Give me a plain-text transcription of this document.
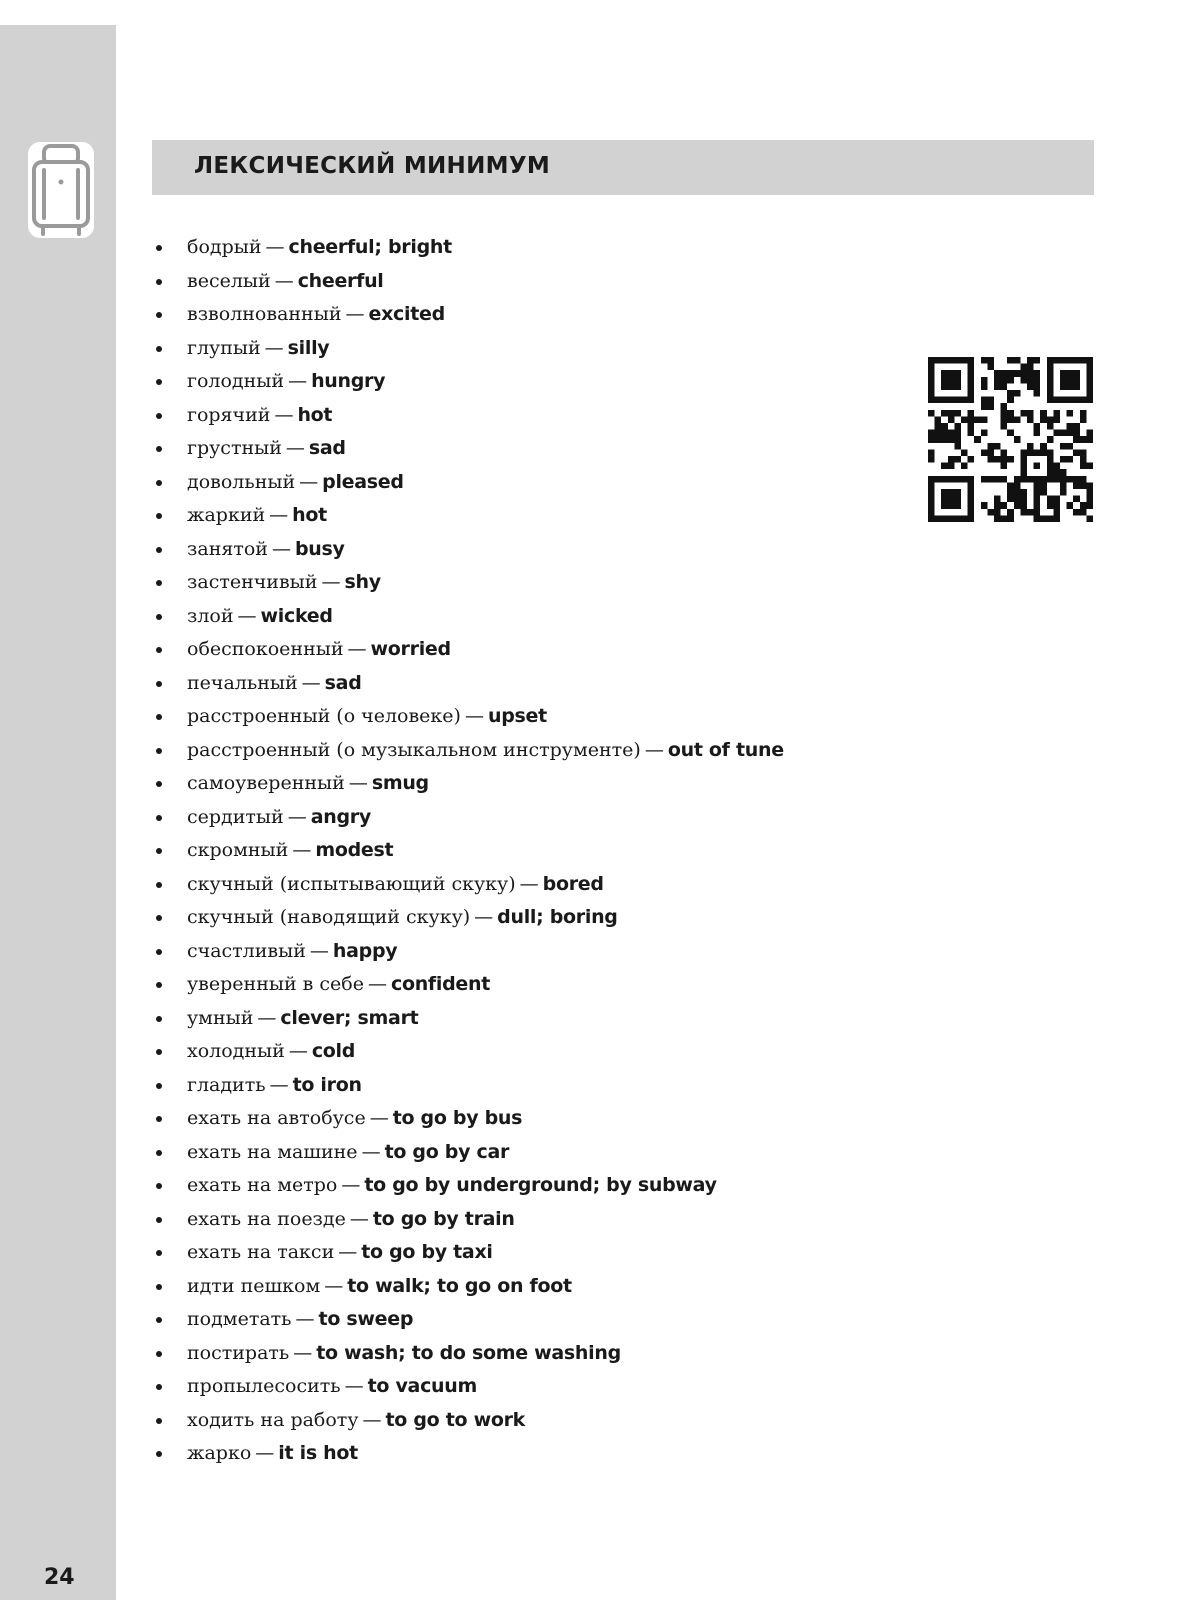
24
ЛЕКСИЧЕСКИЙ МИНИМУМ
бодрый — cheerful; bright
веселый — cheerful
взволнованный — excited
глупый — silly
голодный — hungry
горячий — hot
грустный — sad
довольный — pleased
жаркий — hot
занятой — busy
застенчивый — shy
злой — wicked
обеспокоенный — worried
печальный — sad
расстроенный (о человеке) — upset
расстроенный (о музыкальном инструменте) — out of tune
самоуверенный — smug
сердитый — angry
скромный — modest
скучный (испытывающий скуку) — bored
скучный (наводящий скуку) — dull; boring
счастливый — happy
уверенный в себе — confident
умный — clever; smart
холодный — cold
гладить — to iron
ехать на автобусе — to go by bus
ехать на машине — to go by car
ехать на метро — to go by underground; by subway
ехать на поезде — to go by train
ехать на такси — to go by taxi
идти пешком — to walk; to go on foot
подметать — to sweep
постирать — to wash; to do some washing
пропылесосить — to vacuum
ходить на работу — to go to work
жарко — it is hot
